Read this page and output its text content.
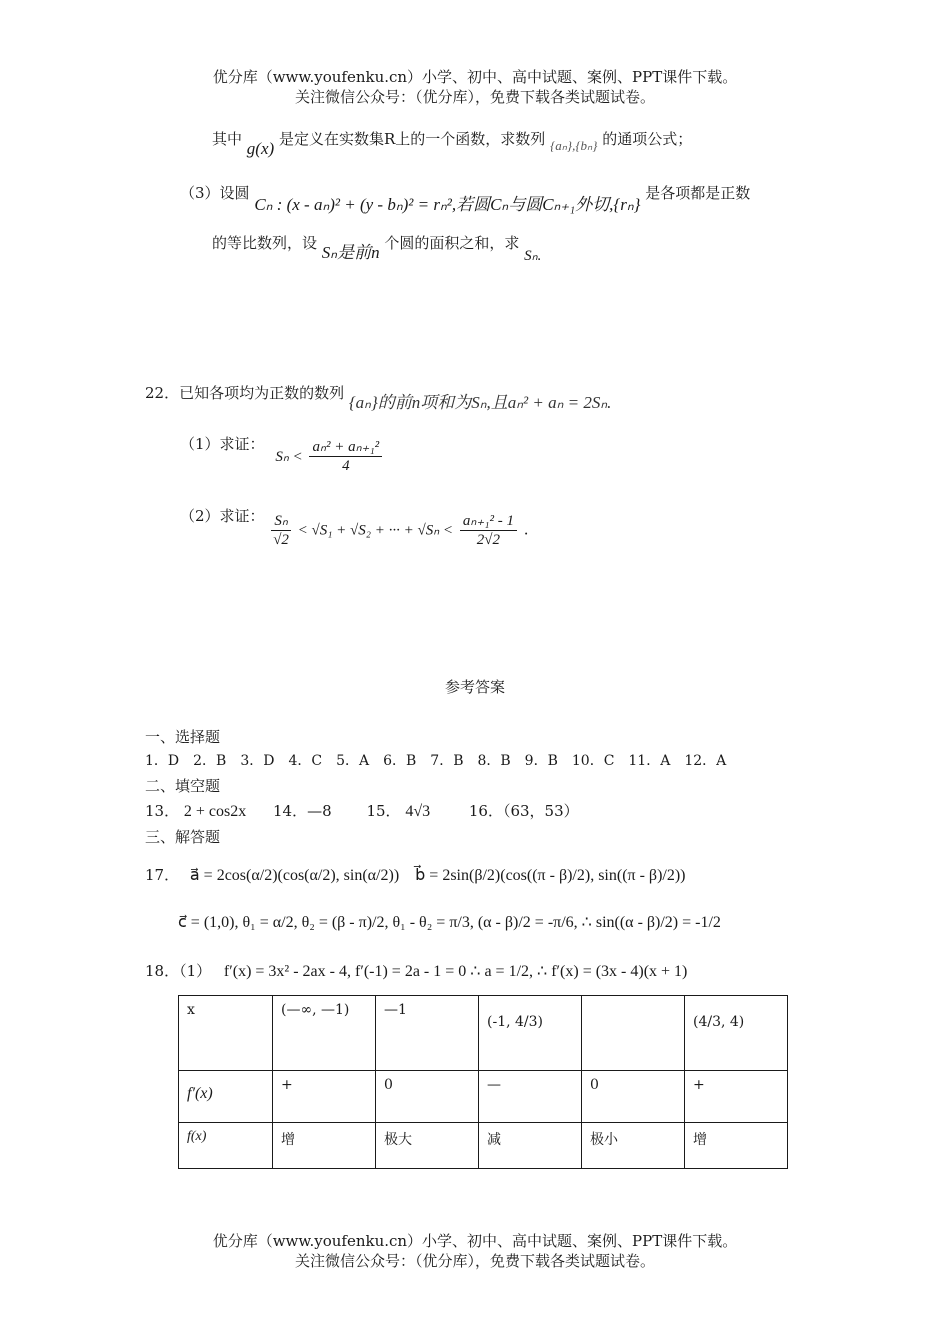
优分库（www.youfenku.cn）小学、初中、高中试题、案例、PPT课件下载。
关注微信公众号：（优分库），免费下载各类试题试卷。
其中 g(x) 是定义在实数集R上的一个函数，求数列 {aₙ},{bₙ} 的通项公式；
（3）设圆 Cₙ : (x - aₙ)² + (y - bₙ)² = rₙ²,若圆Cₙ与圆Cₙ₊₁外切,{rₙ} 是各项都是正数
的等比数列，设 Sₙ是前n 个圆的面积之和，求 Sₙ.
22．已知各项均为正数的数列 {aₙ}的前n项和为Sₙ,且aₙ² + aₙ = 2Sₙ.
（1）求证： $S_n < \frac{\text{aₙ² + aₙ₊₁²}}{4}$
（2）求证： $\frac{\text{Sₙ}}{√2} < √S_1 + √S_2$ + ··· + $√S_n < \frac{\text{aₙ₊₁² - 1}}{2√2}$ .
参考答案
一、选择题
1．D　2．B　3．D　4．C　5．A　6．B　7．B　8．B　9．B　10．C　11．A　12．A
二、填空题
13． 2 + cos2x 14．—8 15． 4√3	16．（63，53）
三、解答题
17． a⃗ = 2cos(α/2)(cos(α/2), sin(α/2))　b⃗ = 2sin(β/2)(cos((π - β)/2), sin((π - β)/2))
c⃗ = (1,0), θ₁ = α/2, θ₂ = (β - π)/2, θ₁ - θ₂ = π/3, (α - β)/2 = -π/6, ∴ sin((α - β)/2) = -1/2
18．（1） f′(x) = 3x² - 2ax - 4, f′(-1) = 2a - 1 = 0 ∴ a = 1/2, ∴ f′(x) = (3x - 4)(x + 1)
x	(—∞, —1)	—1	(-1, 4/3)		(4/3, 4)
f′(x)	+	0	—	0	+
f(x)	增	极大	减	极小	增
优分库（www.youfenku.cn）小学、初中、高中试题、案例、PPT课件下载。
关注微信公众号：（优分库），免费下载各类试题试卷。
